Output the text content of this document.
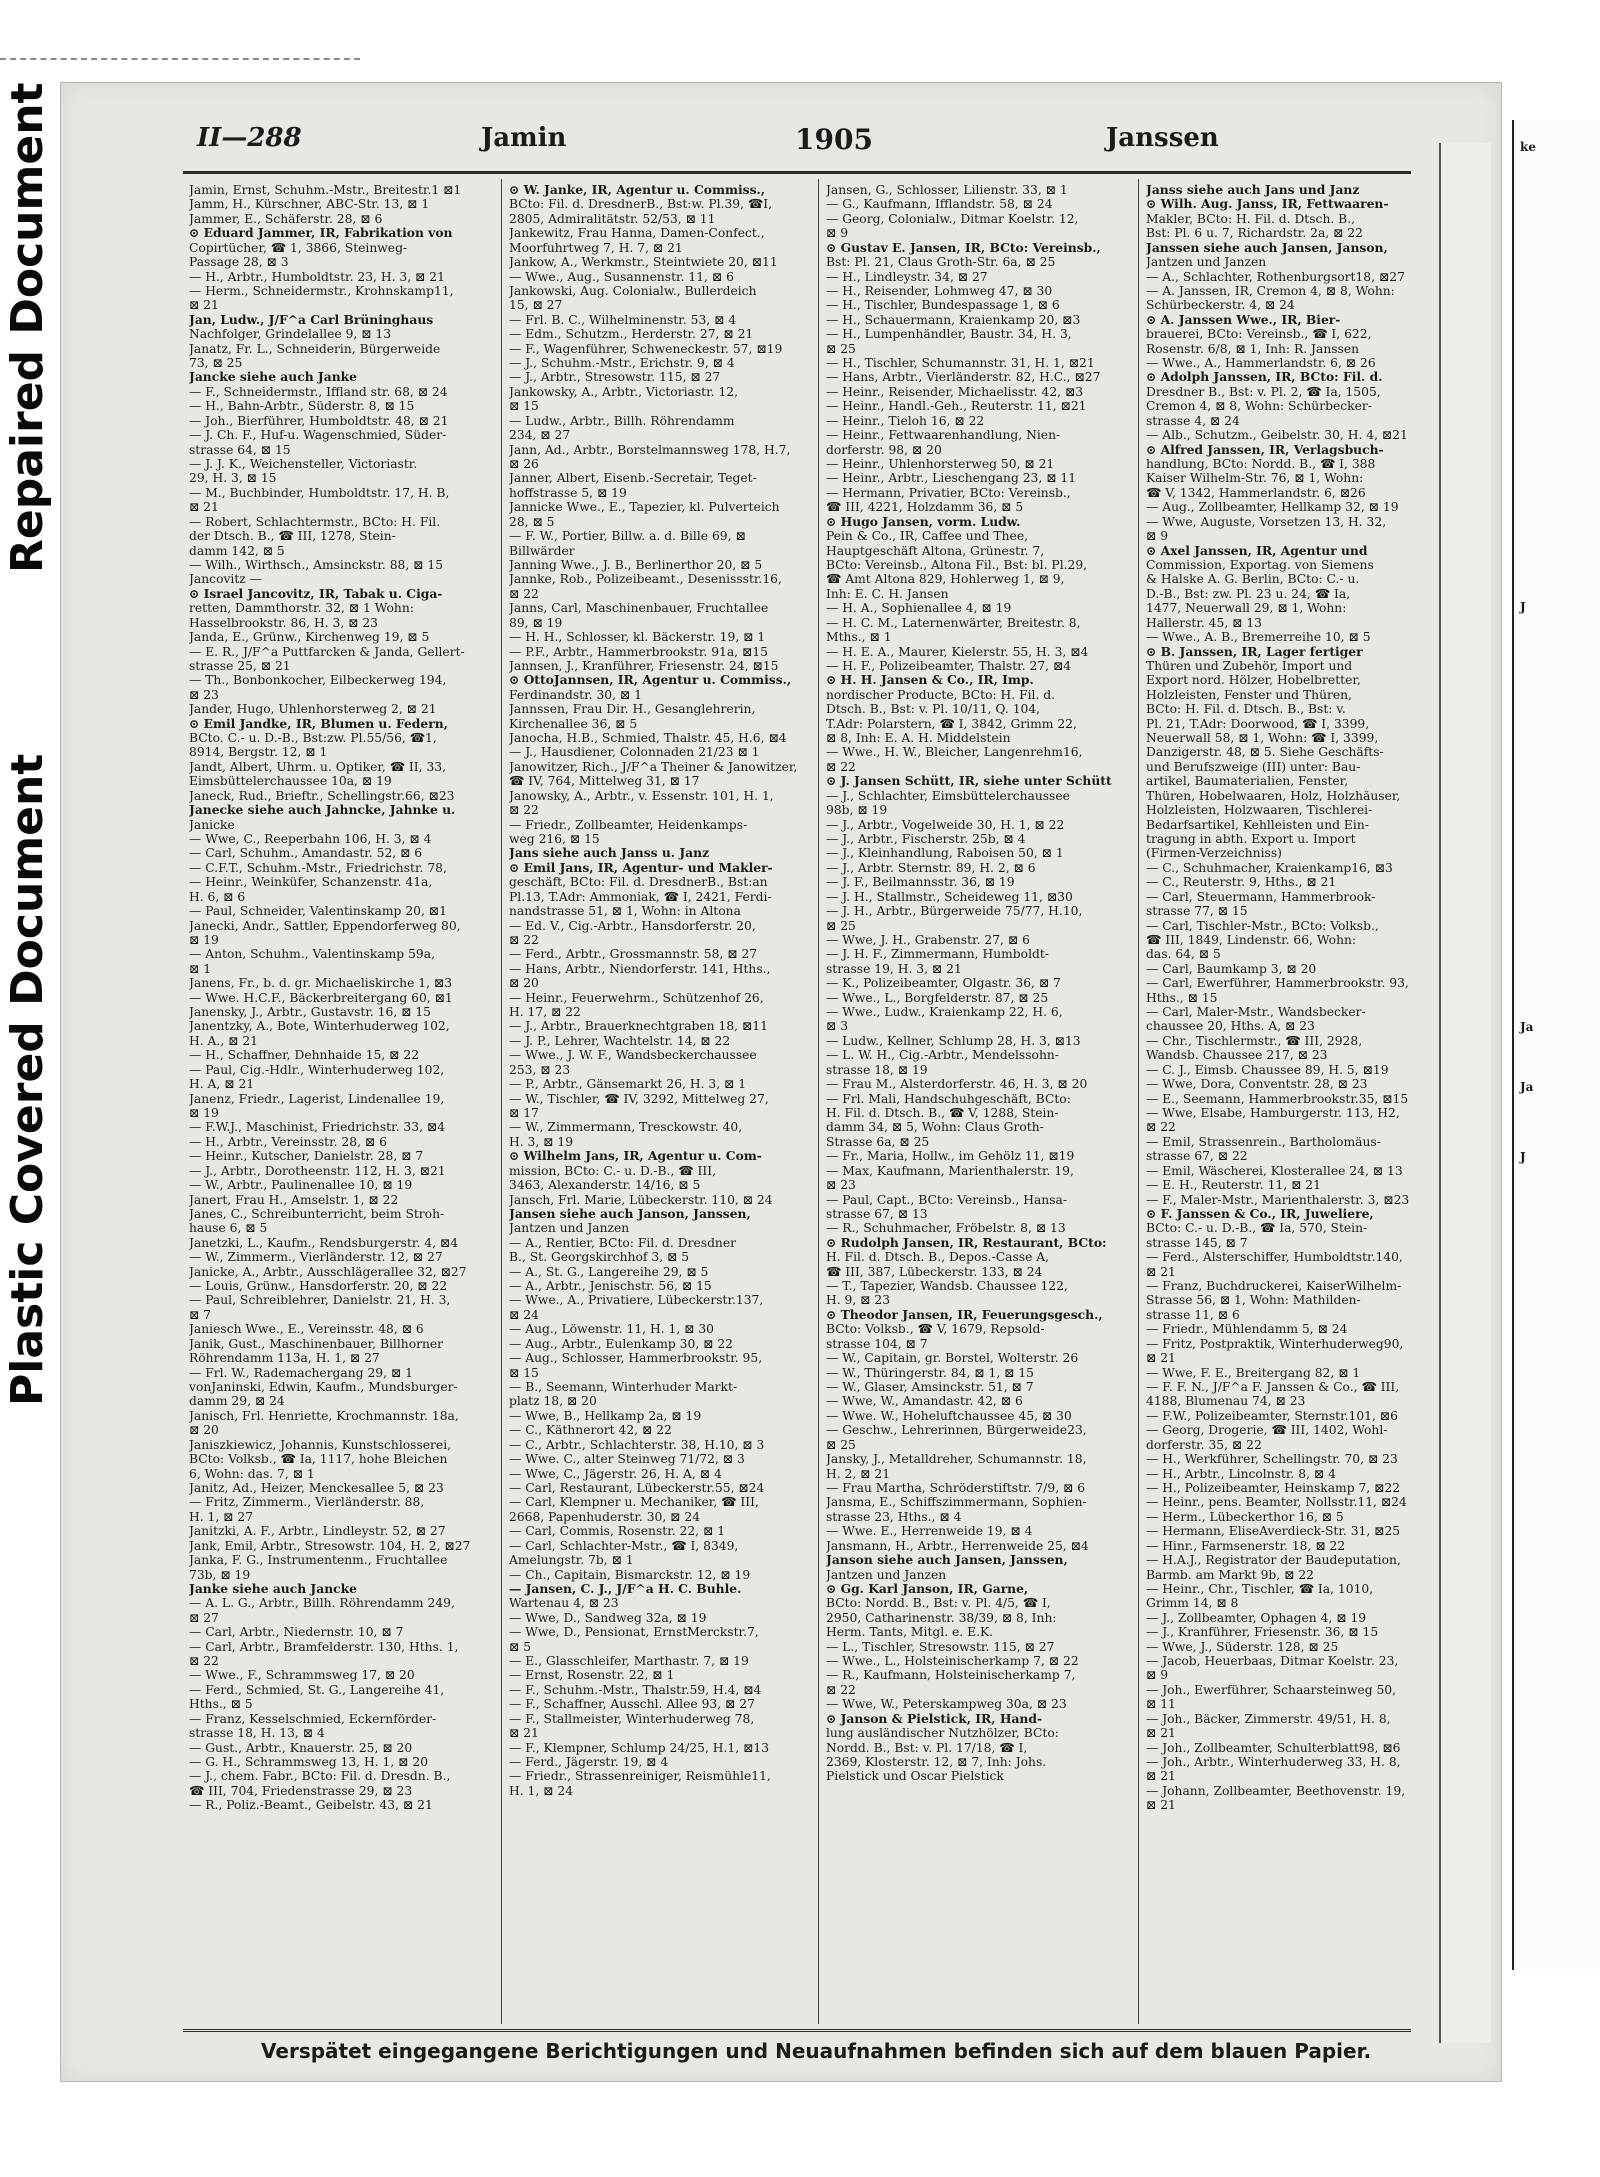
Repaired Document
Plastic Covered Document
II—288	Jamin	1905	Janssen
Jamin, Ernst, Schuhm.-Mstr., Breitestr.1 ⊠1
Jamm, H., Kürschner, ABC-Str. 13, ⊠ 1
Jammer, E., Schäferstr. 28, ⊠ 6
⊙ Eduard Jammer, IR, Fabrikation von
Copirtücher, ☎ 1, 3866, Steinweg-
Passage 28, ⊠ 3
— H., Arbtr., Humboldtstr. 23, H. 3, ⊠ 21
— Herm., Schneidermstr., Krohnskamp11,
⊠ 21
Jan, Ludw., J/F^a Carl Brüninghaus
Nachfolger, Grindelallee 9, ⊠ 13
Janatz, Fr. L., Schneiderin, Bürgerweide
73, ⊠ 25
Jancke siehe auch Janke
— F., Schneidermstr., Iffland str. 68, ⊠ 24
— H., Bahn-Arbtr., Süderstr. 8, ⊠ 15
— Joh., Bierführer, Humboldtstr. 48, ⊠ 21
— J. Ch. F., Huf-u. Wagenschmied, Süder-
strasse 64, ⊠ 15
— J. J. K., Weichensteller, Victoriastr.
29, H. 3, ⊠ 15
— M., Buchbinder, Humboldtstr. 17, H. B,
⊠ 21
— Robert, Schlachtermstr., BCto: H. Fil.
der Dtsch. B., ☎ III, 1278, Stein-
damm 142, ⊠ 5
— Wilh., Wirthsch., Amsinckstr. 88, ⊠ 15
Jancovitz —
⊙ Israel Jancovitz, IR, Tabak u. Ciga-
retten, Dammthorstr. 32, ⊠ 1 Wohn:
Hasselbrookstr. 86, H. 3, ⊠ 23
Janda, E., Grünw., Kirchenweg 19, ⊠ 5
— E. R., J/F^a Puttfarcken & Janda, Gellert-
strasse 25, ⊠ 21
— Th., Bonbonkocher, Eilbeckerweg 194,
⊠ 23
Jander, Hugo, Uhlenhorsterweg 2, ⊠ 21
⊙ Emil Jandke, IR, Blumen u. Federn,
BCto. C.- u. D.-B., Bst:zw. Pl.55/56, ☎1,
8914, Bergstr. 12, ⊠ 1
Jandt, Albert, Uhrm. u. Optiker, ☎ II, 33,
Eimsbüttelerchaussee 10a, ⊠ 19
Janeck, Rud., Brieftr., Schellingstr.66, ⊠23
Janecke siehe auch Jahncke, Jahnke u.
Janicke
— Wwe, C., Reeperbahn 106, H. 3, ⊠ 4
— Carl, Schuhm., Amandastr. 52, ⊠ 6
— C.F.T., Schuhm.-Mstr., Friedrichstr. 78,
— Heinr., Weinküfer, Schanzenstr. 41a,
H. 6, ⊠ 6
— Paul, Schneider, Valentinskamp 20, ⊠1
Janecki, Andr., Sattler, Eppendorferweg 80,
⊠ 19
— Anton, Schuhm., Valentinskamp 59a,
⊠ 1
Janens, Fr., b. d. gr. Michaeliskirche 1, ⊠3
— Wwe. H.C.F., Bäckerbreitergang 60, ⊠1
Janensky, J., Arbtr., Gustavstr. 16, ⊠ 15
Janentzky, A., Bote, Winterhuderweg 102,
H. A., ⊠ 21
— H., Schaffner, Dehnhaide 15, ⊠ 22
— Paul, Cig.-Hdlr., Winterhuderweg 102,
H. A, ⊠ 21
Janenz, Friedr., Lagerist, Lindenallee 19,
⊠ 19
— F.W.J., Maschinist, Friedrichstr. 33, ⊠4
— H., Arbtr., Vereinsstr. 28, ⊠ 6
— Heinr., Kutscher, Danielstr. 28, ⊠ 7
— J., Arbtr., Dorotheenstr. 112, H. 3, ⊠21
— W., Arbtr., Paulinenallee 10, ⊠ 19
Janert, Frau H., Amselstr. 1, ⊠ 22
Janes, C., Schreibunterricht, beim Stroh-
hause 6, ⊠ 5
Janetzki, L., Kaufm., Rendsburgerstr. 4, ⊠4
— W., Zimmerm., Vierländerstr. 12, ⊠ 27
Janicke, A., Arbtr., Ausschlägerallee 32, ⊠27
— Louis, Grünw., Hansdorferstr. 20, ⊠ 22
— Paul, Schreiblehrer, Danielstr. 21, H. 3,
⊠ 7
Janiesch Wwe., E., Vereinsstr. 48, ⊠ 6
Janik, Gust., Maschinenbauer, Billhorner
Röhrendamm 113a, H. 1, ⊠ 27
— Frl. W., Rademachergang 29, ⊠ 1
vonJaninski, Edwin, Kaufm., Mundsburger-
damm 29, ⊠ 24
Janisch, Frl. Henriette, Krochmannstr. 18a,
⊠ 20
Janiszkiewicz, Johannis, Kunstschlosserei,
BCto: Volksb., ☎ Ia, 1117, hohe Bleichen
6, Wohn: das. 7, ⊠ 1
Janitz, Ad., Heizer, Menckesallee 5, ⊠ 23
— Fritz, Zimmerm., Vierländerstr. 88,
H. 1, ⊠ 27
Janitzki, A. F., Arbtr., Lindleystr. 52, ⊠ 27
Jank, Emil, Arbtr., Stresowstr. 104, H. 2, ⊠27
Janka, F. G., Instrumentenm., Fruchtallee
73b, ⊠ 19
Janke siehe auch Jancke
— A. L. G., Arbtr., Billh. Röhrendamm 249,
⊠ 27
— Carl, Arbtr., Niedernstr. 10, ⊠ 7
— Carl, Arbtr., Bramfelderstr. 130, Hths. 1,
⊠ 22
— Wwe., F., Schrammsweg 17, ⊠ 20
— Ferd., Schmied, St. G., Langereihe 41,
Hths., ⊠ 5
— Franz, Kesselschmied, Eckernförder-
strasse 18, H. 13, ⊠ 4
— Gust., Arbtr., Knauerstr. 25, ⊠ 20
— G. H., Schrammsweg 13, H. 1, ⊠ 20
— J., chem. Fabr., BCto: Fil. d. Dresdn. B.,
☎ III, 704, Friedenstrasse 29, ⊠ 23
— R., Poliz.-Beamt., Geibelstr. 43, ⊠ 21
⊙ W. Janke, IR, Agentur u. Commiss.,
BCto: Fil. d. DresdnerB., Bst:w. Pl.39, ☎I,
2805, Admiralitätstr. 52/53, ⊠ 11
Jankewitz, Frau Hanna, Damen-Confect.,
Moorfuhrtweg 7, H. 7, ⊠ 21
Jankow, A., Werkmstr., Steintwiete 20, ⊠11
— Wwe., Aug., Susannenstr. 11, ⊠ 6
Jankowski, Aug. Colonialw., Bullerdeich
15, ⊠ 27
— Frl. B. C., Wilhelminenstr. 53, ⊠ 4
— Edm., Schutzm., Herderstr. 27, ⊠ 21
— F., Wagenführer, Schweneckestr. 57, ⊠19
— J., Schuhm.-Mstr., Erichstr. 9, ⊠ 4
— J., Arbtr., Stresowstr. 115, ⊠ 27
Jankowsky, A., Arbtr., Victoriastr. 12,
⊠ 15
— Ludw., Arbtr., Billh. Röhrendamm
234, ⊠ 27
Jann, Ad., Arbtr., Borstelmannsweg 178, H.7,
⊠ 26
Janner, Albert, Eisenb.-Secretair, Teget-
hoffstrasse 5, ⊠ 19
Jannicke Wwe., E., Tapezier, kl. Pulverteich
28, ⊠ 5
— F. W., Portier, Billw. a. d. Bille 69, ⊠
Billwärder
Janning Wwe., J. B., Berlinerthor 20, ⊠ 5
Jannke, Rob., Polizeibeamt., Desenissstr.16,
⊠ 22
Janns, Carl, Maschinenbauer, Fruchtallee
89, ⊠ 19
— H. H., Schlosser, kl. Bäckerstr. 19, ⊠ 1
— P.F., Arbtr., Hammerbrookstr. 91a, ⊠15
Jannsen, J., Kranführer, Friesenstr. 24, ⊠15
⊙ OttoJannsen, IR, Agentur u. Commiss.,
Ferdinandstr. 30, ⊠ 1
Jannssen, Frau Dir. H., Gesanglehrerin,
Kirchenallee 36, ⊠ 5
Janocha, H.B., Schmied, Thalstr. 45, H.6, ⊠4
— J., Hausdiener, Colonnaden 21/23 ⊠ 1
Janowitzer, Rich., J/F^a Theiner & Janowitzer,
☎ IV, 764, Mittelweg 31, ⊠ 17
Janowsky, A., Arbtr., v. Essenstr. 101, H. 1,
⊠ 22
— Friedr., Zollbeamter, Heidenkamps-
weg 216, ⊠ 15
Jans siehe auch Janss u. Janz
⊙ Emil Jans, IR, Agentur- und Makler-
geschäft, BCto: Fil. d. DresdnerB., Bst:an
Pl.13, T.Adr: Ammoniak, ☎ I, 2421, Ferdi-
nandstrasse 51, ⊠ 1, Wohn: in Altona
— Ed. V., Cig.-Arbtr., Hansdorferstr. 20,
⊠ 22
— Ferd., Arbtr., Grossmannstr. 58, ⊠ 27
— Hans, Arbtr., Niendorferstr. 141, Hths.,
⊠ 20
— Heinr., Feuerwehrm., Schützenhof 26,
H. 17, ⊠ 22
— J., Arbtr., Brauerknechtgraben 18, ⊠11
— J. P., Lehrer, Wachtelstr. 14, ⊠ 22
— Wwe., J. W. F., Wandsbeckerchaussee
253, ⊠ 23
— P., Arbtr., Gänsemarkt 26, H. 3, ⊠ 1
— W., Tischler, ☎ IV, 3292, Mittelweg 27,
⊠ 17
— W., Zimmermann, Tresckowstr. 40,
H. 3, ⊠ 19
⊙ Wilhelm Jans, IR, Agentur u. Com-
mission, BCto: C.- u. D.-B., ☎ III,
3463, Alexanderstr. 14/16, ⊠ 5
Jansch, Frl. Marie, Lübeckerstr. 110, ⊠ 24
Jansen siehe auch Janson, Janssen,
Jantzen und Janzen
— A., Rentier, BCto: Fil. d. Dresdner
B., St. Georgskirchhof 3, ⊠ 5
— A., St. G., Langereihe 29, ⊠ 5
— A., Arbtr., Jenischstr. 56, ⊠ 15
— Wwe., A., Privatiere, Lübeckerstr.137,
⊠ 24
— Aug., Löwenstr. 11, H. 1, ⊠ 30
— Aug., Arbtr., Eulenkamp 30, ⊠ 22
— Aug., Schlosser, Hammerbrookstr. 95,
⊠ 15
— B., Seemann, Winterhuder Markt-
platz 18, ⊠ 20
— Wwe, B., Hellkamp 2a, ⊠ 19
— C., Käthnerort 42, ⊠ 22
— C., Arbtr., Schlachterstr. 38, H.10, ⊠ 3
— Wwe. C., alter Steinweg 71/72, ⊠ 3
— Wwe, C., Jägerstr. 26, H. A, ⊠ 4
— Carl, Restaurant, Lübeckerstr.55, ⊠24
— Carl, Klempner u. Mechaniker, ☎ III,
2668, Papenhuderstr. 30, ⊠ 24
— Carl, Commis, Rosenstr. 22, ⊠ 1
— Carl, Schlachter-Mstr., ☎ I, 8349,
Amelungstr. 7b, ⊠ 1
— Ch., Capitain, Bismarckstr. 12, ⊠ 19
— Jansen, C. J., J/F^a H. C. Buhle.
Wartenau 4, ⊠ 23
— Wwe, D., Sandweg 32a, ⊠ 19
— Wwe, D., Pensionat, ErnstMerckstr.7,
⊠ 5
— E., Glasschleifer, Marthastr. 7, ⊠ 19
— Ernst, Rosenstr. 22, ⊠ 1
— F., Schuhm.-Mstr., Thalstr.59, H.4, ⊠4
— F., Schaffner, Ausschl. Allee 93, ⊠ 27
— F., Stallmeister, Winterhuderweg 78,
⊠ 21
— F., Klempner, Schlump 24/25, H.1, ⊠13
— Ferd., Jägerstr. 19, ⊠ 4
— Friedr., Strassenreiniger, Reismühle11,
H. 1, ⊠ 24
Jansen, G., Schlosser, Lilienstr. 33, ⊠ 1
— G., Kaufmann, Ifflandstr. 58, ⊠ 24
— Georg, Colonialw., Ditmar Koelstr. 12,
⊠ 9
⊙ Gustav E. Jansen, IR, BCto: Vereinsb.,
Bst: Pl. 21, Claus Groth-Str. 6a, ⊠ 25
— H., Lindleystr. 34, ⊠ 27
— H., Reisender, Lohmweg 47, ⊠ 30
— H., Tischler, Bundespassage 1, ⊠ 6
— H., Schauermann, Kraienkamp 20, ⊠3
— H., Lumpenhändler, Baustr. 34, H. 3,
⊠ 25
— H., Tischler, Schumannstr. 31, H. 1, ⊠21
— Hans, Arbtr., Vierländerstr. 82, H.C., ⊠27
— Heinr., Reisender, Michaelisstr. 42, ⊠3
— Heinr., Handl.-Geh., Reuterstr. 11, ⊠21
— Heinr., Tieloh 16, ⊠ 22
— Heinr., Fettwaarenhandlung, Nien-
dorferstr. 98, ⊠ 20
— Heinr., Uhlenhorsterweg 50, ⊠ 21
— Heinr., Arbtr., Lieschengang 23, ⊠ 11
— Hermann, Privatier, BCto: Vereinsb.,
☎ III, 4221, Holzdamm 36, ⊠ 5
⊙ Hugo Jansen, vorm. Ludw.
Pein & Co., IR, Caffee und Thee,
Hauptgeschäft Altona, Grünestr. 7,
BCto: Vereinsb., Altona Fil., Bst: bl. Pl.29,
☎ Amt Altona 829, Hohlerweg 1, ⊠ 9,
Inh: E. C. H. Jansen
— H. A., Sophienallee 4, ⊠ 19
— H. C. M., Laternenwärter, Breitestr. 8,
Mths., ⊠ 1
— H. E. A., Maurer, Kielerstr. 55, H. 3, ⊠4
— H. F., Polizeibeamter, Thalstr. 27, ⊠4
⊙ H. H. Jansen & Co., IR, Imp.
nordischer Producte, BCto: H. Fil. d.
Dtsch. B., Bst: v. Pl. 10/11, Q. 104,
T.Adr: Polarstern, ☎ I, 3842, Grimm 22,
⊠ 8, Inh: E. A. H. Middelstein
— Wwe., H. W., Bleicher, Langenrehm16,
⊠ 22
⊙ J. Jansen Schütt, IR, siehe unter Schütt
— J., Schlachter, Eimsbüttelerchaussee
98b, ⊠ 19
— J., Arbtr., Vogelweide 30, H. 1, ⊠ 22
— J., Arbtr., Fischerstr. 25b, ⊠ 4
— J., Kleinhandlung, Raboisen 50, ⊠ 1
— J., Arbtr. Sternstr. 89, H. 2, ⊠ 6
— J. F., Beilmannsstr. 36, ⊠ 19
— J. H., Stallmstr., Scheideweg 11, ⊠30
— J. H., Arbtr., Bürgerweide 75/77, H.10,
⊠ 25
— Wwe, J. H., Grabenstr. 27, ⊠ 6
— J. H. F., Zimmermann, Humboldt-
strasse 19, H. 3, ⊠ 21
— K., Polizeibeamter, Olgastr. 36, ⊠ 7
— Wwe., L., Borgfelderstr. 87, ⊠ 25
— Wwe., Ludw., Kraienkamp 22, H. 6,
⊠ 3
— Ludw., Kellner, Schlump 28, H. 3, ⊠13
— L. W. H., Cig.-Arbtr., Mendelssohn-
strasse 18, ⊠ 19
— Frau M., Alsterdorferstr. 46, H. 3, ⊠ 20
— Frl. Mali, Handschuhgeschäft, BCto:
H. Fil. d. Dtsch. B., ☎ V, 1288, Stein-
damm 34, ⊠ 5, Wohn: Claus Groth-
Strasse 6a, ⊠ 25
— Fr., Maria, Hollw., im Gehölz 11, ⊠19
— Max, Kaufmann, Marienthalerstr. 19,
⊠ 23
— Paul, Capt., BCto: Vereinsb., Hansa-
strasse 67, ⊠ 13
— R., Schuhmacher, Fröbelstr. 8, ⊠ 13
⊙ Rudolph Jansen, IR, Restaurant, BCto:
H. Fil. d. Dtsch. B., Depos.-Casse A,
☎ III, 387, Lübeckerstr. 133, ⊠ 24
— T., Tapezier, Wandsb. Chaussee 122,
H. 9, ⊠ 23
⊙ Theodor Jansen, IR, Feuerungsgesch.,
BCto: Volksb., ☎ V, 1679, Repsold-
strasse 104, ⊠ 7
— W., Capitain, gr. Borstel, Wolterstr. 26
— W., Thüringerstr. 84, ⊠ 1, ⊠ 15
— W., Glaser, Amsinckstr. 51, ⊠ 7
— Wwe, W., Amandastr. 42, ⊠ 6
— Wwe. W., Hoheluftchaussee 45, ⊠ 30
— Geschw., Lehrerinnen, Bürgerweide23,
⊠ 25
Jansky, J., Metalldreher, Schumannstr. 18,
H. 2, ⊠ 21
— Frau Martha, Schröderstiftstr. 7/9, ⊠ 6
Jansma, E., Schiffszimmermann, Sophien-
strasse 23, Hths., ⊠ 4
— Wwe. E., Herrenweide 19, ⊠ 4
Jansmann, H., Arbtr., Herrenweide 25, ⊠4
Janson siehe auch Jansen, Janssen,
Jantzen und Janzen
⊙ Gg. Karl Janson, IR, Garne,
BCto: Nordd. B., Bst: v. Pl. 4/5, ☎ I,
2950, Catharinenstr. 38/39, ⊠ 8, Inh:
Herm. Tants, Mitgl. e. E.K.
— L., Tischler, Stresowstr. 115, ⊠ 27
— Wwe., L., Holsteinischerkamp 7, ⊠ 22
— R., Kaufmann, Holsteinischerkamp 7,
⊠ 22
— Wwe, W., Peterskampweg 30a, ⊠ 23
⊙ Janson & Pielstick, IR, Hand-
lung ausländischer Nutzhölzer, BCto:
Nordd. B., Bst: v. Pl. 17/18, ☎ I,
2369, Klosterstr. 12, ⊠ 7, Inh: Johs.
Pielstick und Oscar Pielstick
Janss siehe auch Jans und Janz
⊙ Wilh. Aug. Janss, IR, Fettwaaren-
Makler, BCto: H. Fil. d. Dtsch. B.,
Bst: Pl. 6 u. 7, Richardstr. 2a, ⊠ 22
Janssen siehe auch Jansen, Janson,
Jantzen und Janzen
— A., Schlachter, Rothenburgsort18, ⊠27
— A. Janssen, IR, Cremon 4, ⊠ 8, Wohn:
Schürbeckerstr. 4, ⊠ 24
⊙ A. Janssen Wwe., IR, Bier-
brauerei, BCto: Vereinsb., ☎ I, 622,
Rosenstr. 6/8, ⊠ 1, Inh: R. Janssen
— Wwe., A., Hammerlandstr. 6, ⊠ 26
⊙ Adolph Janssen, IR, BCto: Fil. d.
Dresdner B., Bst: v. Pl. 2, ☎ Ia, 1505,
Cremon 4, ⊠ 8, Wohn: Schürbecker-
strasse 4, ⊠ 24
— Alb., Schutzm., Geibelstr. 30, H. 4, ⊠21
⊙ Alfred Janssen, IR, Verlagsbuch-
handlung, BCto: Nordd. B., ☎ I, 388
Kaiser Wilhelm-Str. 76, ⊠ 1, Wohn:
☎ V, 1342, Hammerlandstr. 6, ⊠26
— Aug., Zollbeamter, Hellkamp 32, ⊠ 19
— Wwe, Auguste, Vorsetzen 13, H. 32,
⊠ 9
⊙ Axel Janssen, IR, Agentur und
Commission, Exportag. von Siemens
& Halske A. G. Berlin, BCto: C.- u.
D.-B., Bst: zw. Pl. 23 u. 24, ☎ Ia,
1477, Neuerwall 29, ⊠ 1, Wohn:
Hallerstr. 45, ⊠ 13
— Wwe., A. B., Bremerreihe 10, ⊠ 5
⊙ B. Janssen, IR, Lager fertiger
Thüren und Zubehör, Import und
Export nord. Hölzer, Hobelbretter,
Holzleisten, Fenster und Thüren,
BCto: H. Fil. d. Dtsch. B., Bst: v.
Pl. 21, T.Adr: Doorwood, ☎ I, 3399,
Neuerwall 58, ⊠ 1, Wohn: ☎ I, 3399,
Danzigerstr. 48, ⊠ 5. Siehe Geschäfts-
und Berufszweige (III) unter: Bau-
artikel, Baumaterialien, Fenster,
Thüren, Hobelwaaren, Holz, Holzhäuser,
Holzleisten, Holzwaaren, Tischlerei-
Bedarfsartikel, Kehlleisten und Ein-
tragung in abth. Export u. Import
(Firmen-Verzeichniss)
— C., Schuhmacher, Kraienkamp16, ⊠3
— C., Reuterstr. 9, Hths., ⊠ 21
— Carl, Steuermann, Hammerbrook-
strasse 77, ⊠ 15
— Carl, Tischler-Mstr., BCto: Volksb.,
☎ III, 1849, Lindenstr. 66, Wohn:
das. 64, ⊠ 5
— Carl, Baumkamp 3, ⊠ 20
— Carl, Ewerführer, Hammerbrookstr. 93,
Hths., ⊠ 15
— Carl, Maler-Mstr., Wandsbecker-
chaussee 20, Hths. A, ⊠ 23
— Chr., Tischlermstr., ☎ III, 2928,
Wandsb. Chaussee 217, ⊠ 23
— C. J., Eimsb. Chaussee 89, H. 5, ⊠19
— Wwe, Dora, Conventstr. 28, ⊠ 23
— E., Seemann, Hammerbrookstr.35, ⊠15
— Wwe, Elsabe, Hamburgerstr. 113, H2,
⊠ 22
— Emil, Strassenrein., Bartholomäus-
strasse 67, ⊠ 22
— Emil, Wäscherei, Klosterallee 24, ⊠ 13
— E. H., Reuterstr. 11, ⊠ 21
— F., Maler-Mstr., Marienthalerstr. 3, ⊠23
⊙ F. Janssen & Co., IR, Juweliere,
BCto: C.- u. D.-B., ☎ Ia, 570, Stein-
strasse 145, ⊠ 7
— Ferd., Alsterschiffer, Humboldtstr.140,
⊠ 21
— Franz, Buchdruckerei, KaiserWilhelm-
Strasse 56, ⊠ 1, Wohn: Mathilden-
strasse 11, ⊠ 6
— Friedr., Mühlendamm 5, ⊠ 24
— Fritz, Postpraktik, Winterhuderweg90,
⊠ 21
— Wwe, F. E., Breitergang 82, ⊠ 1
— F. F. N., J/F^a F. Janssen & Co., ☎ III,
4188, Blumenau 74, ⊠ 23
— F.W., Polizeibeamter, Sternstr.101, ⊠6
— Georg, Drogerie, ☎ III, 1402, Wohl-
dorferstr. 35, ⊠ 22
— H., Werkführer, Schellingstr. 70, ⊠ 23
— H., Arbtr., Lincolnstr. 8, ⊠ 4
— H., Polizeibeamter, Heinskamp 7, ⊠22
— Heinr., pens. Beamter, Nollsstr.11, ⊠24
— Herm., Lübeckerthor 16, ⊠ 5
— Hermann, EliseAverdieck-Str. 31, ⊠25
— Hinr., Farmsenerstr. 18, ⊠ 22
— H.A.J., Registrator der Baudeputation,
Barmb. am Markt 9b, ⊠ 22
— Heinr., Chr., Tischler, ☎ Ia, 1010,
Grimm 14, ⊠ 8
— J., Zollbeamter, Ophagen 4, ⊠ 19
— J., Kranführer, Friesenstr. 36, ⊠ 15
— Wwe, J., Süderstr. 128, ⊠ 25
— Jacob, Heuerbaas, Ditmar Koelstr. 23,
⊠ 9
— Joh., Ewerführer, Schaarsteinweg 50,
⊠ 11
— Joh., Bäcker, Zimmerstr. 49/51, H. 8,
⊠ 21
— Joh., Zollbeamter, Schulterblatt98, ⊠6
— Joh., Arbtr., Winterhuderweg 33, H. 8,
⊠ 21
— Johann, Zollbeamter, Beethovenstr. 19,
⊠ 21
Verspätet eingegangene Berichtigungen und Neuaufnahmen befinden sich auf dem blauen Papier.
ke
J
Ja
Ja
J
